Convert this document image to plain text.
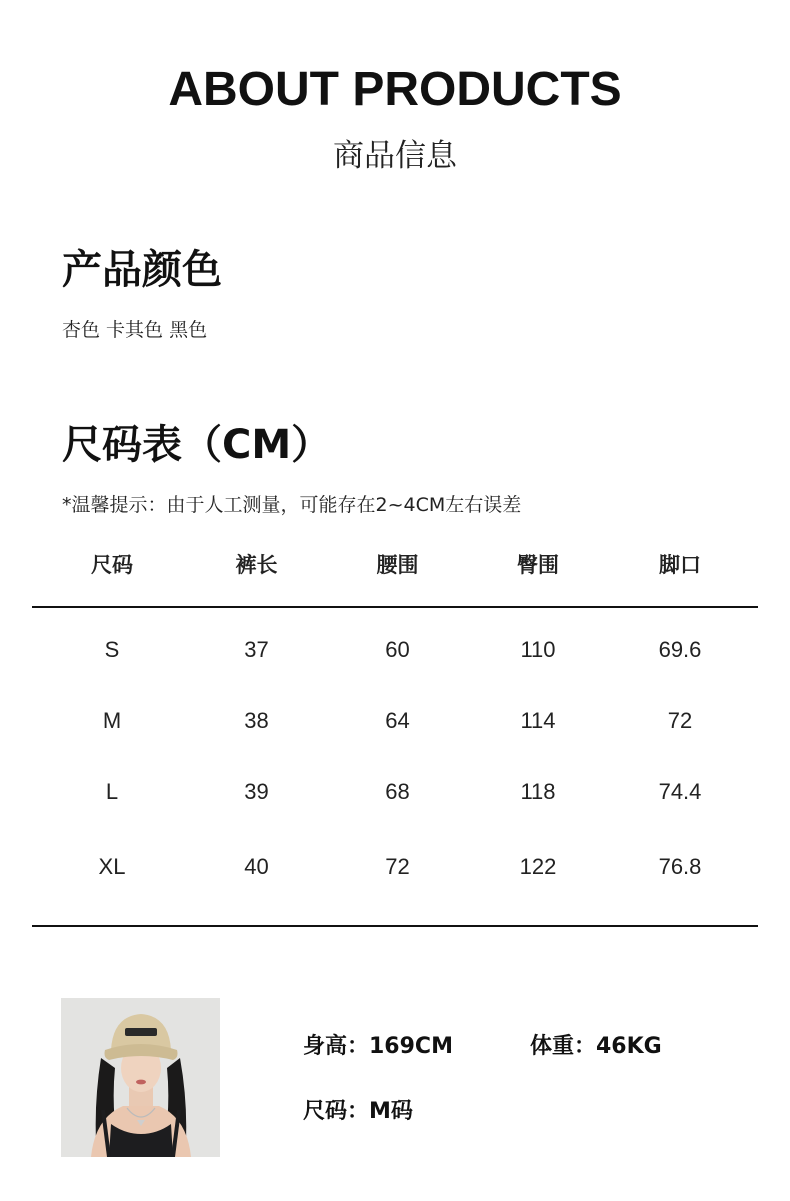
ABOUT PRODUCTS
商品信息
产品颜色
杏色 卡其色 黑色
尺码表（CM）
*温馨提示：由于人工测量，可能存在2~4CM左右误差
尺码	裤长	腰围	臀围	脚口
S	37	60	110	69.6
M	38	64	114	72
L	39	68	118	74.4
XL	40	72	122	76.8
身高：169CM	体重：46KG
尺码：M码
